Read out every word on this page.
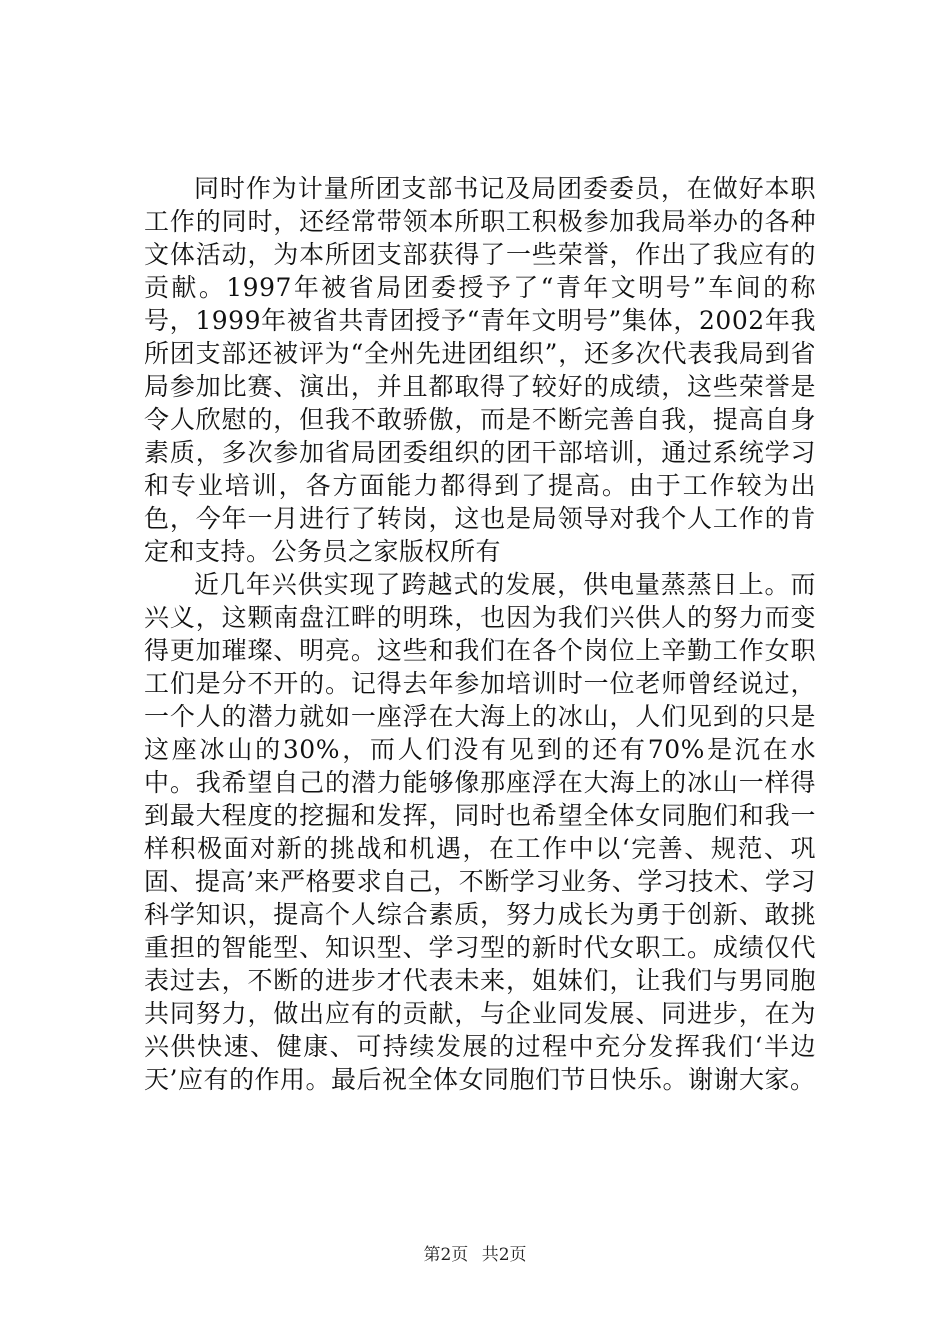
同时作为计量所团支部书记及局团委委员，在做好本职工作的同时，还经常带领本所职工积极参加我局举办的各种文体活动，为本所团支部获得了一些荣誉，作出了我应有的贡献。1997年被省局团委授予了“青年文明号”车间的称号，1999年被省共青团授予“青年文明号”集体，2002年我所团支部还被评为“全州先进团组织”，还多次代表我局到省局参加比赛、演出，并且都取得了较好的成绩，这些荣誉是令人欣慰的，但我不敢骄傲，而是不断完善自我，提高自身素质，多次参加省局团委组织的团干部培训，通过系统学习和专业培训，各方面能力都得到了提高。由于工作较为出色，今年一月进行了转岗，这也是局领导对我个人工作的肯定和支持。公务员之家版权所有

近几年兴供实现了跨越式的发展，供电量蒸蒸日上。而兴义，这颗南盘江畔的明珠，也因为我们兴供人的努力而变得更加璀璨、明亮。这些和我们在各个岗位上辛勤工作女职工们是分不开的。记得去年参加培训时一位老师曾经说过，一个人的潜力就如一座浮在大海上的冰山，人们见到的只是这座冰山的30%，而人们没有见到的还有70%是沉在水中。我希望自己的潜力能够像那座浮在大海上的冰山一样得到最大程度的挖掘和发挥，同时也希望全体女同胞们和我一样积极面对新的挑战和机遇，在工作中以‘完善、规范、巩固、提高’来严格要求自己，不断学习业务、学习技术、学习科学知识，提高个人综合素质，努力成长为勇于创新、敢挑重担的智能型、知识型、学习型的新时代女职工。成绩仅代表过去，不断的进步才代表未来，姐妹们，让我们与男同胞共同努力，做出应有的贡献，与企业同发展、同进步，在为兴供快速、健康、可持续发展的过程中充分发挥我们‘半边天’应有的作用。最后祝全体女同胞们节日快乐。谢谢大家。

第2页 共2页
